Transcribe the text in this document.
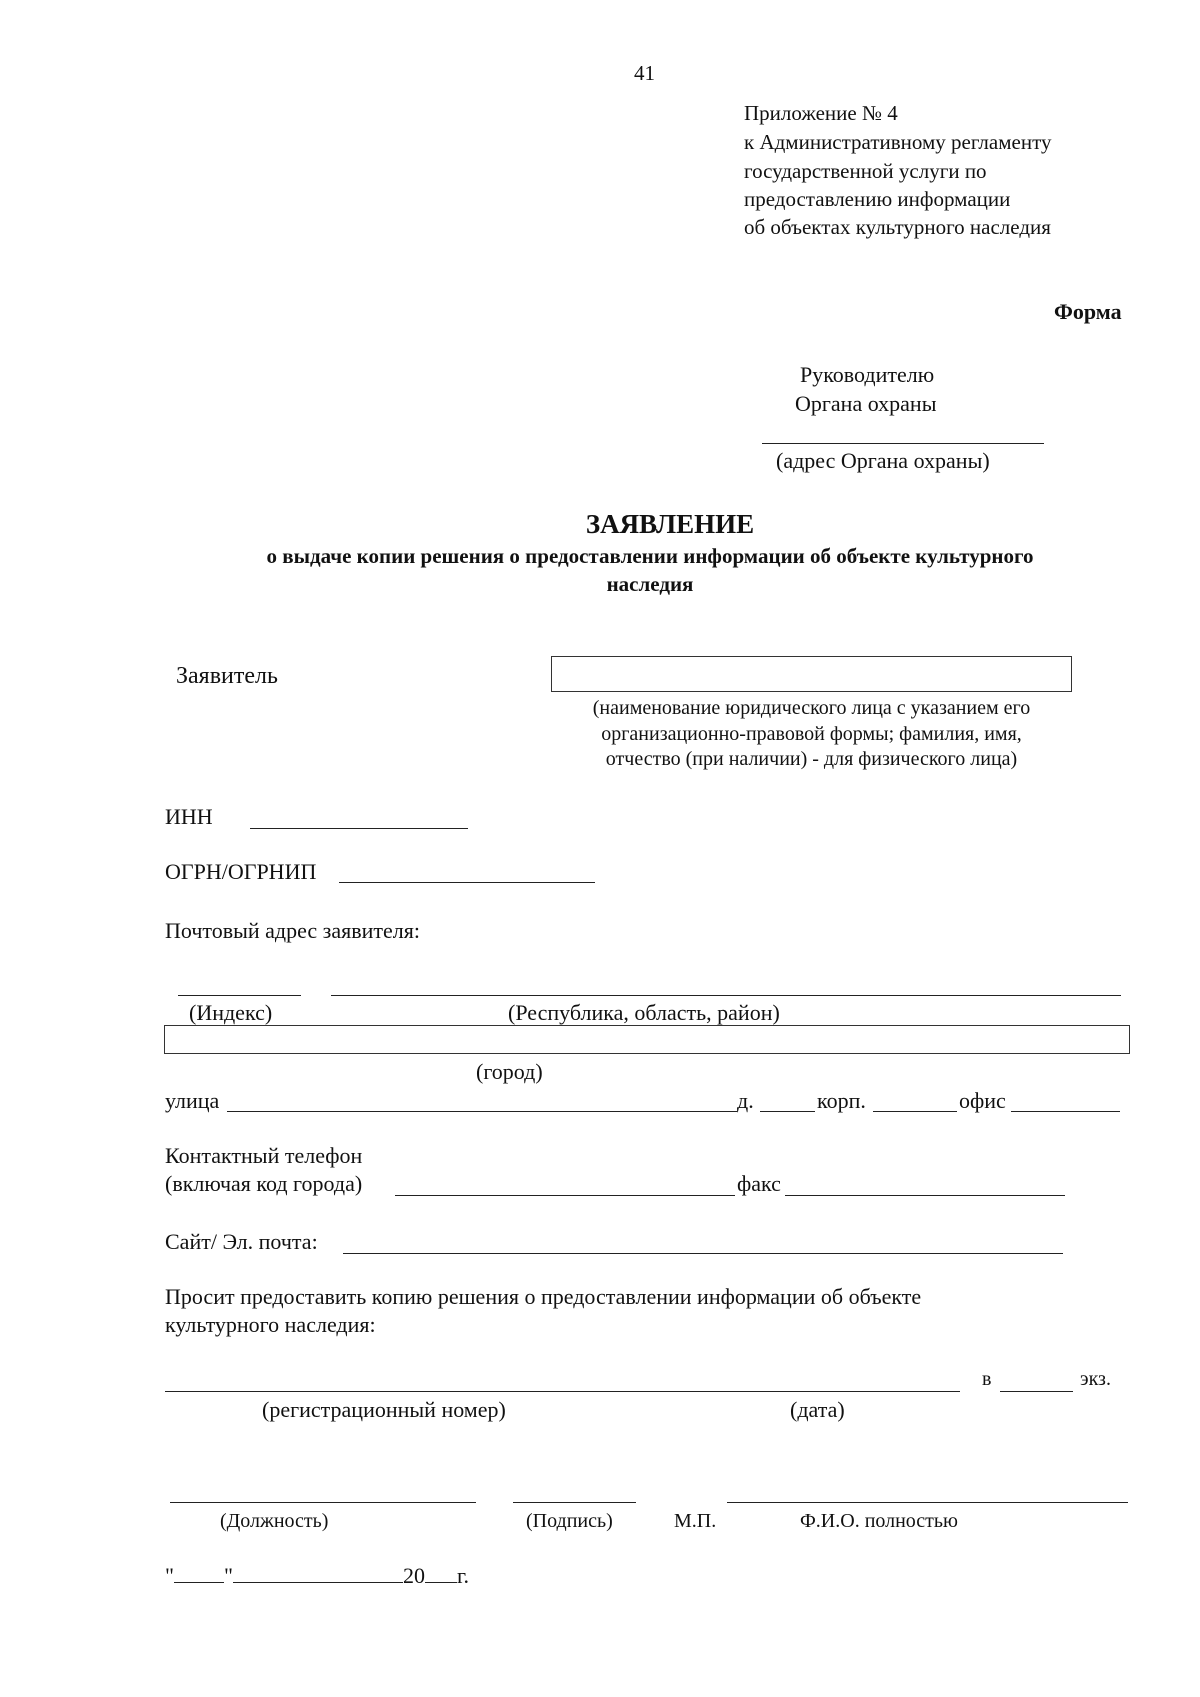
41
Приложение № 4
к Административному регламенту
государственной услуги по
предоставлению информации
об объектах культурного наследия
Форма
Руководителю
Органа охраны
(адрес Органа охраны)
ЗАЯВЛЕНИЕ
о выдаче копии решения о предоставлении информации об объекте культурного
наследия
Заявитель
(наименование юридического лица с указанием его
организационно-правовой формы; фамилия, имя,
отчество (при наличии) - для физического лица)
ИНН
ОГРН/ОГРНИП
Почтовый адрес заявителя:
(Индекс)	(Республика, область, район)
(город)
улица	д.	корп.	офис
Контактный телефон
(включая код города)	факс
Сайт/ Эл. почта:
Просит предоставить копию решения о предоставлении информации об объекте
культурного наследия:
в	экз.
(регистрационный номер)	(дата)
(Должность)	(Подпись)	М.П.	Ф.И.О. полностью
" "	20 г.
